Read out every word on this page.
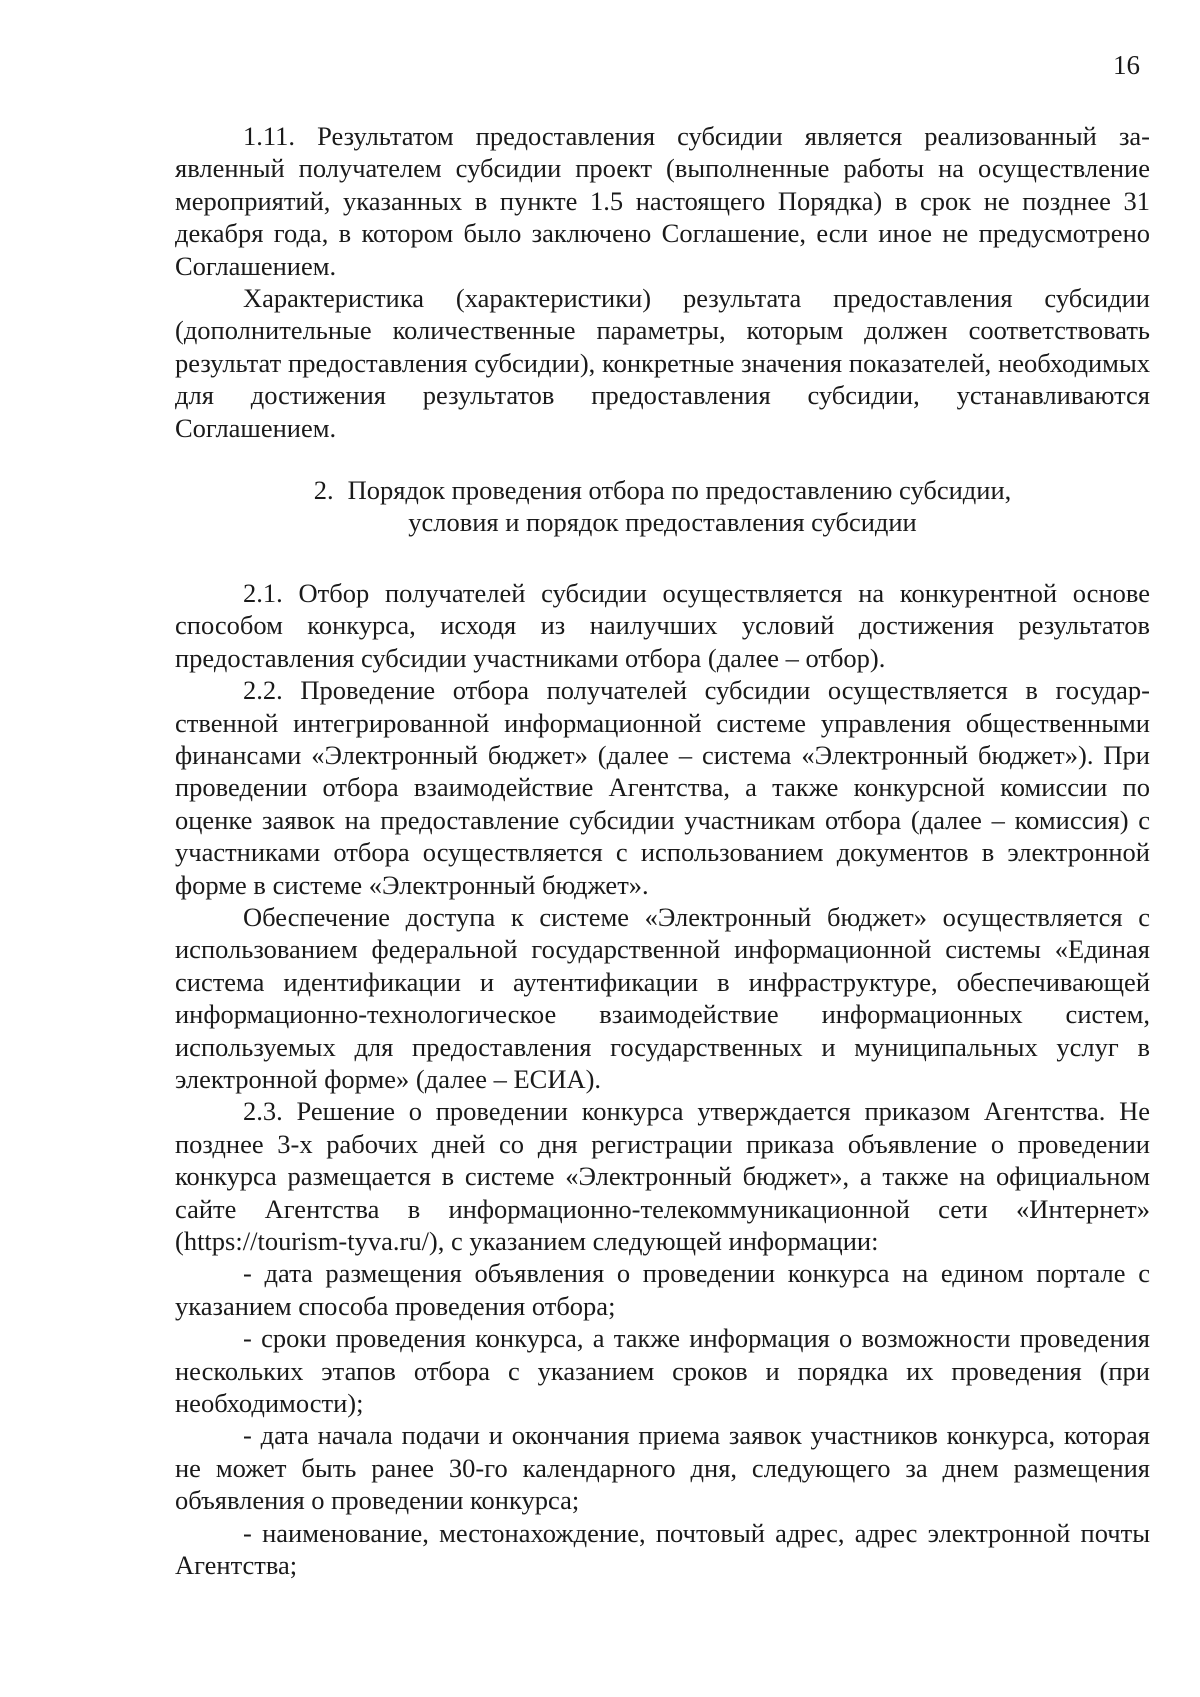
16

1.11. Результатом предоставления субсидии является реализованный заявленный получателем субсидии проект (выполненные работы на осуществление мероприятий, указанных в пункте 1.5 настоящего Порядка) в срок не позднее 31 декабря года, в котором было заключено Соглашение, если иное не предусмотрено Соглашением.

Характеристика (характеристики) результата предоставления субсидии (дополнительные количественные параметры, которым должен соответствовать результат предоставления субсидии), конкретные значения показателей, необходимых для достижения результатов предоставления субсидии, устанавливаются Соглашением.

2. Порядок проведения отбора по предоставлению субсидии,
условия и порядок предоставления субсидии

2.1. Отбор получателей субсидии осуществляется на конкурентной основе способом конкурса, исходя из наилучших условий достижения результатов предоставления субсидии участниками отбора (далее – отбор).

2.2. Проведение отбора получателей субсидии осуществляется в государственной интегрированной информационной системе управления общественными финансами «Электронный бюджет» (далее – система «Электронный бюджет»). При проведении отбора взаимодействие Агентства, а также конкурсной комиссии по оценке заявок на предоставление субсидии участникам отбора (далее – комиссия) с участниками отбора осуществляется с использованием документов в электронной форме в системе «Электронный бюджет».

Обеспечение доступа к системе «Электронный бюджет» осуществляется с использованием федеральной государственной информационной системы «Единая система идентификации и аутентификации в инфраструктуре, обеспечивающей информационно-технологическое взаимодействие информационных систем, используемых для предоставления государственных и муниципальных услуг в электронной форме» (далее – ЕСИА).

2.3. Решение о проведении конкурса утверждается приказом Агентства. Не позднее 3-х рабочих дней со дня регистрации приказа объявление о проведении конкурса размещается в системе «Электронный бюджет», а также на официальном сайте Агентства в информационно-телекоммуникационной сети «Интернет» (https://tourism-tyva.ru/), с указанием следующей информации:

- дата размещения объявления о проведении конкурса на едином портале с указанием способа проведения отбора;

- сроки проведения конкурса, а также информация о возможности проведения нескольких этапов отбора с указанием сроков и порядка их проведения (при необходимости);

- дата начала подачи и окончания приема заявок участников конкурса, которая не может быть ранее 30-го календарного дня, следующего за днем размещения объявления о проведении конкурса;

- наименование, местонахождение, почтовый адрес, адрес электронной почты Агентства;
